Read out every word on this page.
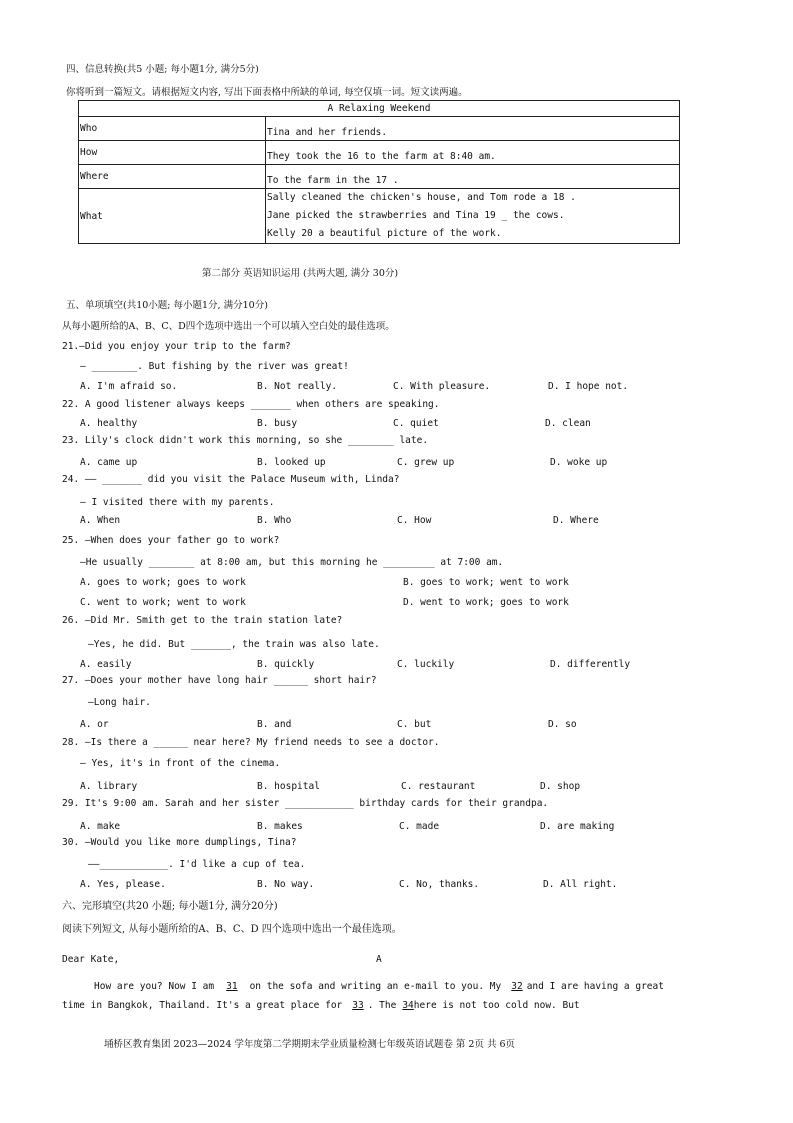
四、信息转换(共5 小题; 每小题1分, 满分5分)
你将听到一篇短文。请根据短文内容, 写出下面表格中所缺的单词, 每空仅填一词。短文读两遍。
A Relaxing Weekend	
Who	Tina and her friends.
How	They took the 16 to the farm at 8:40 am.
Where	To the farm in the 17 .
What	Sally cleaned the chicken's house, and Tom rode a 18 .
Jane picked the strawberries and Tina 19 _ the cows.
Kelly 20 a beautiful picture of the work.
第二部分 英语知识运用 (共两大题, 满分 30分)
五、单项填空(共10小题; 每小题1分, 满分10分)
从每小题所给的A、B、C、D四个选项中选出一个可以填入空白处的最佳选项。
21.—Did you enjoy your trip to the farm?
— ________. But fishing by the river was great!
A. I'm afraid so.	B. Not really.	C. With pleasure.	D. I hope not.
22. A good listener always keeps _______ when others are speaking.
A. healthy	B. busy	C. quiet	D. clean
23. Lily's clock didn't work this morning, so she ________ late.
A. came up	B. looked up	C. grew up	D. woke up
24. —— _______ did you visit the Palace Museum with, Linda?
— I visited there with my parents.
A. When	B. Who	C. How	D. Where
25. —When does your father go to work?
—He usually ________ at 8:00 am, but this morning he _________ at 7:00 am.
A. goes to work; goes to work	B. goes to work; went to work
C. went to work; went to work	D. went to work; goes to work
26. —Did Mr. Smith get to the train station late?
—Yes, he did. But _______, the train was also late.
A. easily	B. quickly	C. luckily	D. differently
27. —Does your mother have long hair ______ short hair?
—Long hair.
A. or	B. and	C. but	D. so
28. —Is there a ______ near here? My friend needs to see a doctor.
— Yes, it's in front of the cinema.
A. library	B. hospital	C. restaurant	D. shop
29. It's 9:00 am. Sarah and her sister ____________ birthday cards for their grandpa.
A. make	B. makes	C. made	D. are making
30. —Would you like more dumplings, Tina?
——____________. I'd like a cup of tea.
A. Yes, please.	B. No way.	C. No, thanks.	D. All right.
六、完形填空(共20 小题; 每小题1分, 满分20分)
阅读下列短文, 从每小题所给的A、B、C、D 四个选项中选出一个最佳选项。
Dear Kate,	A
How are you? Now I am 31 on the sofa and writing an e-mail to you. My 32 and I are having a great
time in Bangkok, Thailand. It's a great place for 33 . The 34here is not too cold now. But
埇桥区教育集团 2023—2024 学年度第二学期期末学业质量检测七年级英语试题卷 第 2页 共 6页
